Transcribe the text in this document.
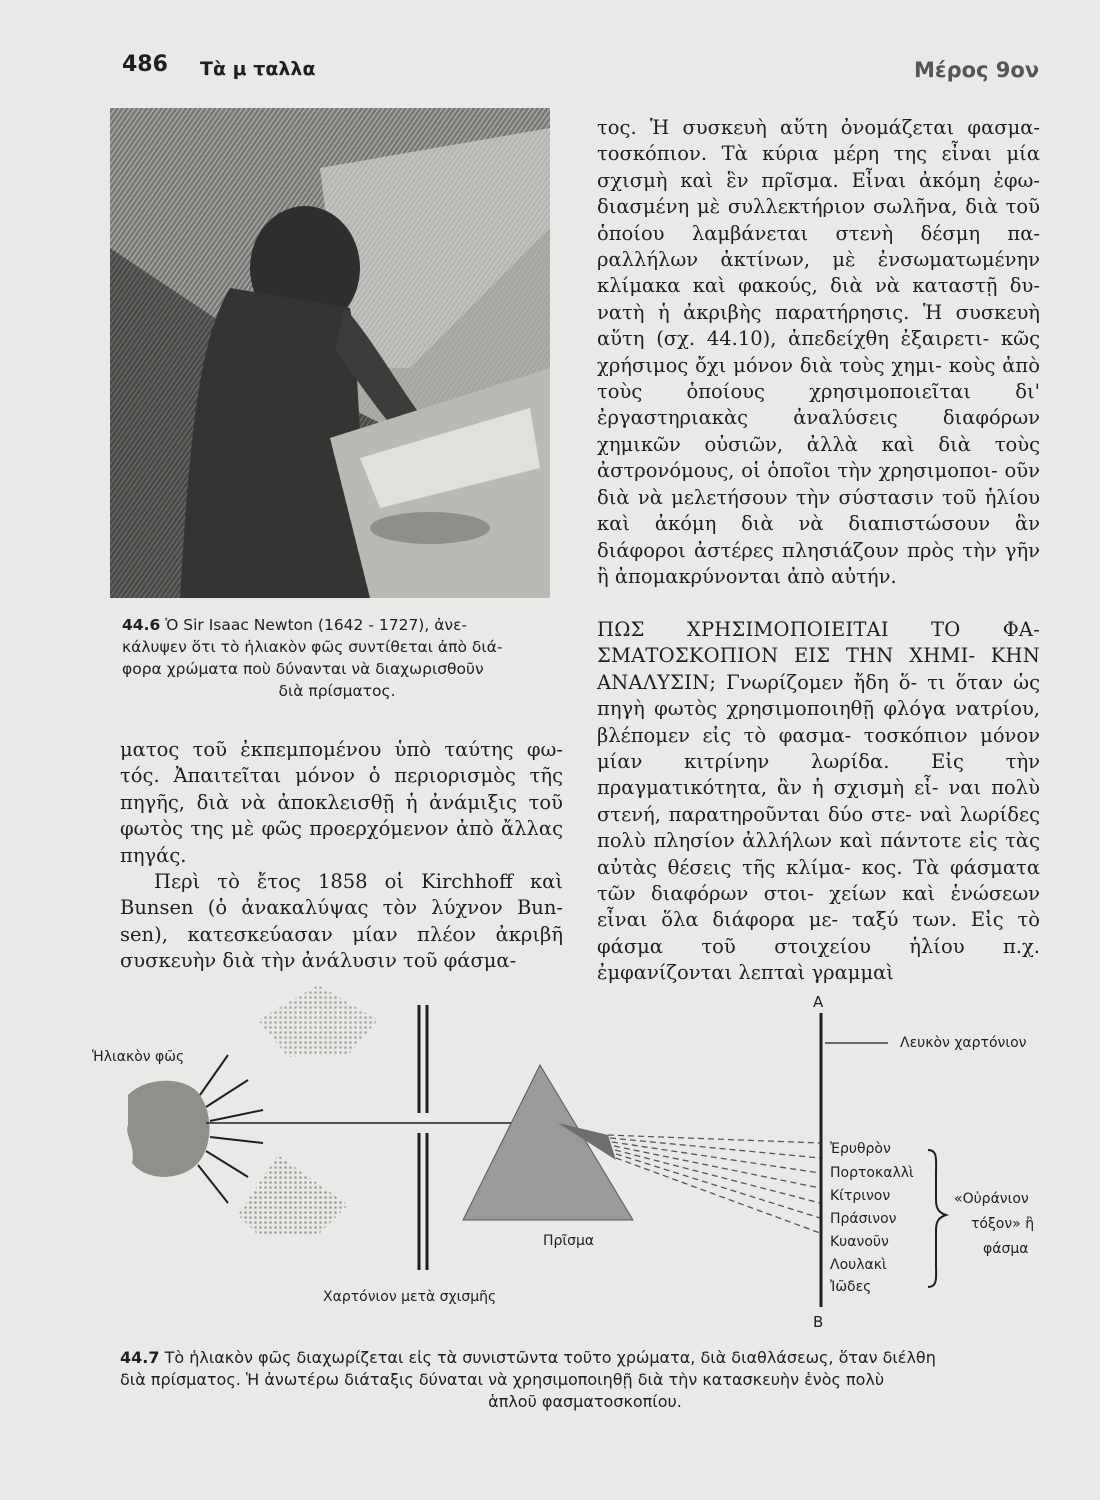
486 Τὰ μ ταλλα	Μέρος 9ον
44.6 Ὁ Sir Isaac Newton (1642 - 1727), ἀνε-
κάλυψεν ὅτι τὸ ἡλιακὸν φῶς συντίθεται ἀπὸ διά-
φορα χρώματα ποὺ δύνανται νὰ διαχωρισθοῦν
διὰ πρίσματος.

ματος τοῦ ἐκπεμπομένου ὑπὸ ταύτης φω- τός. Ἀπαιτεῖται μόνον ὁ περιορισμὸς τῆς πηγῆς, διὰ νὰ ἀποκλεισθῇ ἡ ἀνάμιξις τοῦ φωτὸς της μὲ φῶς προερχόμενον ἀπὸ ἄλλας πηγάς.

Περὶ τὸ ἔτος 1858 οἱ Kirchhoff καὶ Bunsen (ὁ ἀνακαλύψας τὸν λύχνον Bun- sen), κατεσκεύασαν μίαν πλέον ἀκριβῆ συσκευὴν διὰ τὴν ἀνάλυσιν τοῦ φάσμα-

τος. Ἡ συσκευὴ αὕτη ὀνομάζεται φασμα- τοσκόπιον. Τὰ κύρια μέρη της εἶναι μία σχισμὴ καὶ ἓν πρῖσμα. Εἶναι ἀκόμη ἐφω- διασμένη μὲ συλλεκτήριον σωλῆνα, διὰ τοῦ ὁποίου λαμβάνεται στενὴ δέσμη πα- ραλλήλων ἀκτίνων, μὲ ἐνσωματωμένην κλίμακα καὶ φακούς, διὰ νὰ καταστῇ δυ- νατὴ ἡ ἀκριβὴς παρατήρησις. Ἡ συσκευὴ αὕτη (σχ. 44.10), ἀπεδείχθη ἐξαιρετι- κῶς χρήσιμος ὄχι μόνον διὰ τοὺς χημι- κοὺς ἀπὸ τοὺς ὁποίους χρησιμοποιεῖται δι' ἐργαστηριακὰς ἀναλύσεις διαφόρων χημικῶν οὐσιῶν, ἀλλὰ καὶ διὰ τοὺς ἀστρονόμους, οἱ ὁποῖοι τὴν χρησιμοποι- οῦν διὰ νὰ μελετήσουν τὴν σύστασιν τοῦ ἡλίου καὶ ἀκόμη διὰ νὰ διαπιστώσουν ἂν διάφοροι ἀστέρες πλησιάζουν πρὸς τὴν γῆν ἢ ἀπομακρύνονται ἀπὸ αὐτήν.

ΠΩΣ ΧΡΗΣΙΜΟΠΟΙΕΙΤΑΙ ΤΟ ΦΑ- ΣΜΑΤΟΣΚΟΠΙΟΝ ΕΙΣ ΤΗΝ ΧΗΜΙ- ΚΗΝ ΑΝΑΛΥΣΙΝ; Γνωρίζομεν ἤδη ὅ- τι ὅταν ὡς πηγὴ φωτὸς χρησιμοποιηθῇ φλόγα νατρίου, βλέπομεν εἰς τὸ φασμα- τοσκόπιον μόνον μίαν κιτρίνην λωρίδα. Εἰς τὴν πραγματικότητα, ἂν ἡ σχισμὴ εἶ- ναι πολὺ στενή, παρατηροῦνται δύο στε- ναὶ λωρίδες πολὺ πλησίον ἀλλήλων καὶ πάντοτε εἰς τὰς αὐτὰς θέσεις τῆς κλίμα- κος. Τὰ φάσματα τῶν διαφόρων στοι- χείων καὶ ἑνώσεων εἶναι ὅλα διάφορα με- ταξύ των. Εἰς τὸ φάσμα τοῦ στοιχείου ἡλίου π.χ. ἐμφανίζονται λεπταὶ γραμμαὶ

Ἡλιακὸν φῶς
Χαρτόνιον μετὰ σχισμῆς
Πρῖσμα
Α
Β
Λευκὸν χαρτόνιον
Ἐρυθρὸν
Πορτοκαλλὶ
Κίτρινον
Πράσινον
Κυανοῦν
Λουλακὶ
Ἰῶδες
«Οὐράνιον
τόξον» ἢ
φάσμα
44.7 Τὸ ἡλιακὸν φῶς διαχωρίζεται εἰς τὰ συνιστῶντα τοῦτο χρώματα, διὰ διαθλάσεως, ὅταν διέλθη
διὰ πρίσματος. Ἡ ἀνωτέρω διάταξις δύναται νὰ χρησιμοποιηθῇ διὰ τὴν κατασκευὴν ἑνὸς πολὺ
ἁπλοῦ φασματοσκοπίου.
